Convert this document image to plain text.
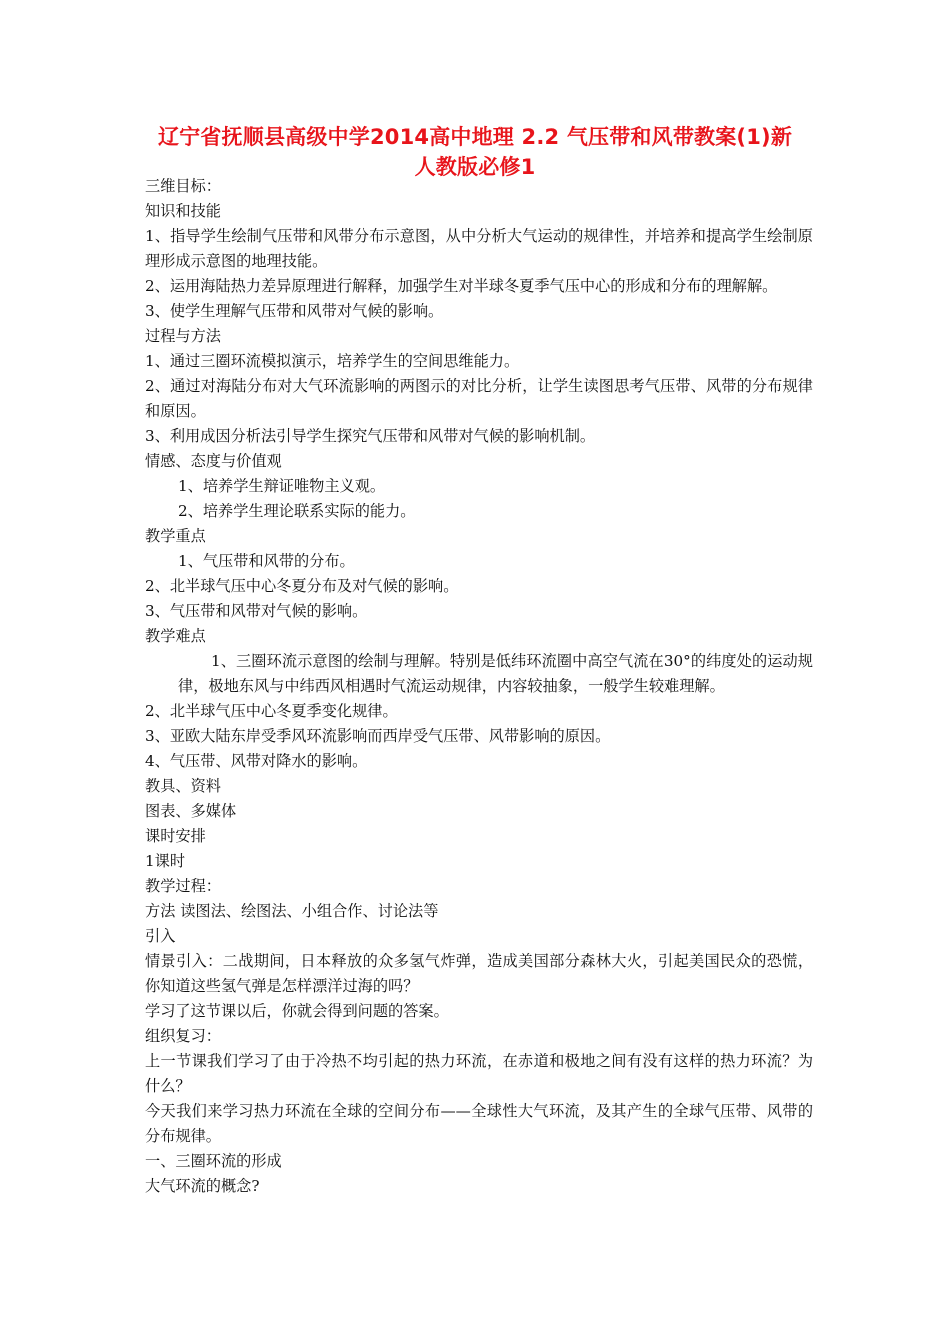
辽宁省抚顺县高级中学2014高中地理 2.2 气压带和风带教案(1)新
人教版必修1

三维目标：

知识和技能

1、指导学生绘制气压带和风带分布示意图，从中分析大气运动的规律性，并培养和提高学生绘制原理形成示意图的地理技能。

2、运用海陆热力差异原理进行解释，加强学生对半球冬夏季气压中心的形成和分布的理解解。

3、使学生理解气压带和风带对气候的影响。

过程与方法

1、通过三圈环流模拟演示，培养学生的空间思维能力。

2、通过对海陆分布对大气环流影响的两图示的对比分析，让学生读图思考气压带、风带的分布规律和原因。

3、利用成因分析法引导学生探究气压带和风带对气候的影响机制。

情感、态度与价值观

1、培养学生辩证唯物主义观。

2、培养学生理论联系实际的能力。

教学重点

1、气压带和风带的分布。

2、北半球气压中心冬夏分布及对气候的影响。

3、气压带和风带对气候的影响。

教学难点

1、三圈环流示意图的绘制与理解。特别是低纬环流圈中高空气流在30°的纬度处的运动规律，极地东风与中纬西风相遇时气流运动规律，内容较抽象，一般学生较难理解。

2、北半球气压中心冬夏季变化规律。

3、亚欧大陆东岸受季风环流影响而西岸受气压带、风带影响的原因。

4、气压带、风带对降水的影响。

教具、资料

图表、多媒体

课时安排

1课时

教学过程：

方法 读图法、绘图法、小组合作、讨论法等

引入

情景引入：二战期间，日本释放的众多氢气炸弹，造成美国部分森林大火，引起美国民众的恐慌，你知道这些氢气弹是怎样漂洋过海的吗？

学习了这节课以后，你就会得到问题的答案。

组织复习：

上一节课我们学习了由于冷热不均引起的热力环流，在赤道和极地之间有没有这样的热力环流？为什么？

今天我们来学习热力环流在全球的空间分布——全球性大气环流，及其产生的全球气压带、风带的分布规律。

一、三圈环流的形成

大气环流的概念?
